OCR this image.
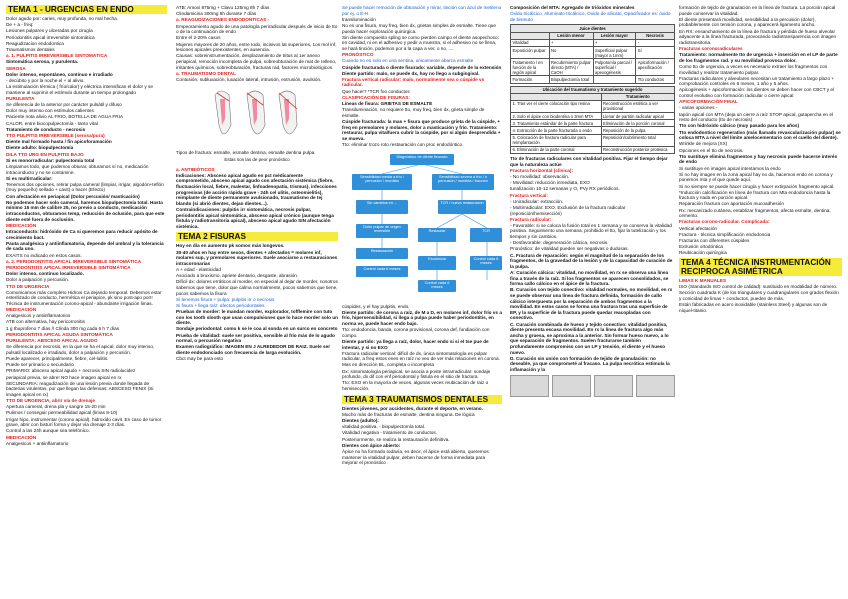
TEMA 1 - URGENCIAS EN ENDO

Dolor agudo por: caries, muy profunda, no mal hecha.

De + a - freq:

Lesiones pulpares y ulceradas por cirugía

Periodontitis apical irreversible sintomática

Reagudizacion endodontica

Traumatismos dentales

a. 1. PULPITIS IRREVERSIBLE SINTOMÁTICA

Sintomática serosa, y purulenta.

SEROSA

Dolor intenso, espontáneo, continuo e irradiado

- decúbito y por la noche el + al alivio.

La estimulación térmica ( frío/calor) y eléctrica intensifican el dolor y se mantiene al suprimir el estímulo durante un tiempo prolongado

PURULENTA

Se diferencia de la anterior por carácter pulsátil y difuso

Dolor muy intenso con estímulos calientes

Paciente nota alivio AL FRIO, BOTELLA DE AGUA FRIA

CALOR, entre biocopulpectomía - tanto vital

Tratamiento de conducto - necrosis

TTO PULPITIS IRREVERSIBLE (serosa/pura)

Diente mal formado hasta / fin apicoforamación

Diente adulto: biopulpectomía

DILA TTO URG EN PULPITIS BAJO

Si es monorradicular: pulpectomía total

Limpiamos todo, que podemos obturar, obturamos sí no, medicación intraconducto y no se contamine.

Si es multirradicular:

Tenemos dos opciones, retirar pulpa cameral (limpiar, irrigar, algodón+teflón (muy pequeño) sellado + cavit) o hacer (Efecto)

Con afectación en periapical (Dolor percusión/ masticación)

No podemos hacer solo cameral, haremos biopulpectomía total. Hasta mínimo 15 mm de calibre 25, no previo a conducto, medicación intraconductos, obturamos temp, reducción de oclusión, para que este diente esté fuera de occlusión.

MEDICACIÓN

Intraconducto: hidróxido de Ca si queremos para reducir apósito de crecimiento bact.

Pauta analgésica y antiinflamatoria, depende del umbral y la tolerancia de cada uno.

EXAITS no indicado en estos casos.

a. 2. PERIODONTITIS APICAL IRREVERSIBLE SINTOMÁTICA

PERIODONTITIS APICAL IRREVERSIBLE SINTOMÁTICA

Dolor intenso, continuo localizado.

Dolor a palpación y percusión.

TTO DE URGENCIA

Comunicamos más completo Hidroxi Ca dejando temporal. Debemos estar esterilizado de conducto, hermética el periapice, pk sino post-apo por!! Técnica de instrumentación corono-apical - abundante irrigación limas.

MEDICACIÓN

Analgesicos y antiinflamatorios

ATB con alternativa, hay pericorronitis

1 g Ibuprofeno 7 días // Clinda 300 mg cada 6 h 7 días

PERIODONTITIS APICAL AGUDA SINTOMÁTICA

PURULENTA: ABSCESO APICAL AGUDO

Se diferencia por necrosis, en la que se ha el apical, dolor muy intenso, pulsatil localizado e irradiado, dolor a palpación y percusión.

Puede aparecer, principalmente, fiebre, cel-lulitis.

Puede ser primario o secundario

PRIMARIO: absceso apical agudo + necrosis SIN radiolucidez

periapical previa, se abre! NO hace imagen apical en rx

SECUNDARIA: reagudización de una lesión previa donde llegada de bacterias virulentas, por que llegan las defensas: ABSCESO FENIX (Si imagen apical en rx)

TTO DE URGENCIA, abrir vía de drenaje

Apertura cameral, drena pla y sangre 15-20 min

Pulimos / conseguir permeabilidad apical (limas 8-10)

Irrigar hipo, instrumentar (corono apical), hidroxido cavit. En caso de tumor grave, abrir con bisturí forma y dejar vía drenaje 2-3 días.

Control a las 24h aunque sea telefónico.

MEDICACIÓN

Analgesicos + antiinflamatorio

ATB: Amoxi 875mg + Clavu 125mg 8h 7 días

Clindamicina 300mg 6h durante 7 días

a. REAGUDIZACIONES ENDODONTICAS -

Empeoramiento agudo de una patología periradicular después de inicio de tto o de la continuación de endo

Entre el 2-20% casos

Mujeres mayores de 20 años, entre todo, incisivos lat superiores, 1os mol inf, lesiones apicales preexistentes, en ausencia.

Causas: sobreinstrumentación, desplazamiento de tritus al 1er anexo periapical, remoción incompleta de pulpa, sobreobturación de mat de relleno, irritantes químicos, sobreobturación, fracturas rad, factores microbiológicos.

a. TRAUMATISMO DENTAL

Contusión, subluxación, luxación lateral, intrusión, extrusión, avulsión.

Tipos de fractura: esmalte, esmalte dentina, esmalte dentina pulpa.

Estas son las de peor pronóstico

a. ANTIBIÓTICOS

Indicaciones: Absceso apical agudo en pct médicamente comprometido, absceso apical agudo con afectación sistémica (fiebre, fluctuación local, fiebre, malestar, linfoadenopatía, trismus), infecciones progresivas (de acción rápida grave - 24h cel ulitis, osteomielitis), reimplante de diente permanente avulsionado, traumatismo de tej blando (si abrió dientes, dejan dientes...).

Contraindicaciones: pulpitis irr sintomática, necrosis pulpar, periodontitis apical sintomática, absceso apical crónico (aunque tenga fistula y radiotransitoria apical), absceso apical agudo SIN afectación sistémica.

TEMA 2 FISURAS

Hoy en día en aumento pk somos más longevos.

30-40 años en hay entre sexos, dientes + afectados = molares inf, molares sup, y premolares superiores. Suele asociarse a restauraciones intracoronarias

A + edad - elasticidad

Asociado a bruxismo, apriete dentario, desgaste, abrasión.

Difícil dx: dolores erráticos al morder, en especial al dejar de morder, nosotros sabemos que tiene, dolor que calma normalmente, pocos sabemos que tiene, pocos sabemos la fisura

Si tenemos fisura + pulpa: pulpitis irr o necrosis

Si fisura + llega raíz: afectos periodontales

Pruebas de morder: le mandan morder, explorador, tofflemire con tuto con los tooth slooth que usan compulsiones que lo hace morder solo un diente.

Sondaje periodontal: como k se le coa al sonda en un surco en concreto

Prueba de vitalidad: suele ser positiva, sensible al frío más de lo agudo normal, o percusión negativa

Examen radiográfico: IMAGEN EN J ALREDEDOR DE RAIZ. Suele ser diente endodonciado con frecuencia de larga evolución.

Cbct may be para esto

Se puede hacer remoción de obturación y mirar, tinción con azul de metileno por ej, o E-H.

transiluminación

No es una fisura, muy freq, bien dx, grietas simples de esmalte. Tiene que pueda hacer exploración quirúrgica.

Sin diente compuesto spling se como pierden campo el diente asopechoso: en cavidad, ni en el adhesivo y pedir a muestra, si el adhesivo no se llena, se hará tinción, podemos por a la capa a ver, o no, ....

PRONÓSTICO

Cuando no es solo en una sentina, unicamente abarca esmalte

Cúspide fracturada o diente fisurado: variable, depende de la extensión

Diente partido: malo, se puede dx, hay no llego a subgingival.

Fractura vertical radicular: malo, normalmente sea o cúspide vs radicular.

Que hacer? *TCR foo conductos

CLASIFICACIÓN DE FISURAS:

Líneas de fisura: GRIETAS DE ESMALTE

Transiluminación, no requiere tto, muy freq, bien dx, grieta simple de esmalte.

Cúspide fracturada: la mas + fisura que produce grieta de la cúspide, + freq en premolares y molares, dolor a masticación y frío. Tratamiento: restaurar, pulpa vitalfuera cubrir la cúspide, por si algún desprendida + se mueva.

Tto: eliminar trozo roto restauración con proc endodóntico.

Diagnóstico de diente fisurado
Sensibilidad media a frío / percusión / mordida
Sensibilidad severa a frío / o percusión / mordida / tracción
Sin cambios en ...
Dolor pulpar de origen reversible
Restauración
Control cada 6 meses
TCR / nueva restauración
Restaurar	TCR
Exodoncia	Control cada 6 meses
Control cada 6 meses

cúspides, y el hay pulpitis, endo.

Diente partido: de corona a raíz, de M a D, en molares inf, dolor frío vs a frío, hipersensibilidad, si llega a pulpa puede haber periodontitis, en norma ve, puede hacer endo bajo.

Tto: endodoncia, banda, corona provisional, corona def, fundiación con compo.

Diente partido: ya llega a raíz, dolor, hacer endo si si el tse pue de intentar, y si no EXO

Fractura radicular vertical: difícil de dx, única sintomatología es pulpar radicular, a freq estos enes en raíz no veo de ver más relaciones en corona.

Mas en dirección BL, completa o incompleta

Dx: sintomatología periapical, se asocia a poste intrarradicular: sondaje profundo, dx dif con enf periodontal y fistula en el sitio de fractura.

Tto: EXO en la mayoría de veces, algunas veces reubicación de raiz o hemisección.

TEMA 3 TRAUMATISMOS DENTALES

Dientes jóvenes, por accidentes, durante el deporte, en verano.

Mucho más de fracturas de esmalte, dentina ninguna. De lógica

Dientes (adulto):

vitalidad positiva. - biopulpectomía total.

Vitalidad negativa - tratamiento de conductos.

Posteriormente, se realiza la restauración definitiva.

Dientes con ápice abierto:

Ápice no ha formado todavía, es decir, el ápice está abierto, queremos mantener la vitalidad pulpar, deben hacerse de forma inmediata para mejorar el pronóstico

Composición del MTA: Agregado de trióxidos minerales

Óxido tricálcico, Aluminato tricálcico, Óxido de silicato, Opacificador es: óxido de bismuto

Juice dientes			
	Lesión menor	Lesión mayor	Necrosis
Vitalidad	+	+	-
Exposición pulpar	No	Superficial pulpar (mayor a 1mm)	Sí
Tratamiento / en función de la región apical	Recubrimiento pulpar directo (MTA) / CaOH	Pulpotomía parcial / superficial / apexogénesis	Apicoformación / apexificación
Formación	Biopulpectomía total		Tto conductos
Ubicación del traumatismo y tratamiento sugerido	
	Tratamiento
1. Tras ver el cierre colocación tipo resina	Reconstrucción estética a ver provisional
2. Solo el ápice con biodentina o 3mm MTA	Llenar de partión radicular apical
3. Tratamiento estándar de la parte fractura	Eliminación de la porción coronal
4. Extracción de la parte fracturada o endo	Reposición de la pulpa
5. Colocación de fractura radicular para reimplantación	Reposición/cubrimiento total
6. Eliminación de la parte coronal	Reconstrucción posterior protésica

Tto de fracturas radiculares con vitalidad positiva. Fijar el tiempo dejar que la naturaleza actúe

Fractura horizontal (clinica):

- No movilidad: observación.

- Movilidad: reducción inmediata, EXO

tunalización 10-12 semanas y O, PVy RX periódicos.

Fractura vertical:

- Uniradicular: extracción.

- Multirradicular: EXO. Exclusión de la fractura radicular (reposición/hemisección)

Fractura radicular:

- Favorable: si se coloca la fusión total en 1 semana y se conserva la vitalidad positiva. Seguimiento una semana, prohibido el tto, fijar la tutelización y los tiempos y sin cambios.

- Desfavorable: degeneración cálcica, necrosis.

Pronóstico: de vitalidad pueden ser negativas o dudosas.

C. Fractura de reparación: según el magnitud de la separación de los fragmentos, de la gravedad de la lesión y de la capacidad de curación de la pulpa.

A: Curación cálcica: vitalidad, no movilidad, en rx se observa una línea fina a través de la raíz. Si los fragmentos se aparecen consolidados, se forma callo cálcico en el ápice de la fractura.

B. Curación con tejido conectivo: vitalidad normales, no movilidad, en rx se puede observar una línea de fractura definida, formación de callo cálcico interpuesta por la separación de ambos fragmentos a la movilidad. En estos casos se forma una fractura tras una superficie de EP, y la superficie de la fractura puede quedar reacopladas con conectivo.

C. Curación combinada de hueso y tejido conectivo: vitalidad positiva, diente presenta escasa movilidad. En rx la línea de fractura algo más ancha y gruesa, se aproxima a la anterior. Sin formar hueso nuevo, a lo que separación de fragmentos. Suelen fracturarse también profundamente compromiso con un LP y tensión, el diente y el hueso nuevo.

D. Curación sin unión con formación de tejido de granulación: no deseable, ya que comprometé al fracaso. La pulpa necrótica estimula la inflamación y la

formación de tejido de granulación en la línea de fractura. La porción apical puede conservar la vitalidad.

El diente presentará movilidad, sensibilidad a la percusión (dolor), probablemente con tensión corona, y aparecerá ligamento ancho.

En RX: ensanchamiento de la línea de fractura y pérdida de hueso alveolar adyacente a la línea fracturada, provocando radiotransparencia con imagen radiotransitoria.

Fracturas coronoradiculares

Tratamiento: normalmente tto de urgencia + inserción en el LP de parte de los fragmentos rad. y su movilidad provoca dolor.

Como tto de urgencia, a veces es necesario extraer los fragmentos con movilidad y realizar tratamiento pulpar.

Fracturas radiculares y alveolares necesitan un tratamiento a largo plazo + comprobación controles en 6 meses, 1 año y 5 años.

Apicogénesis + apicoformación: los dientes se deben hacer con CBCT y el control evolutivo con formación radicular o cierre apical

APICOFORMACIÓN FINAL

- varias opciones -

tapón apical con MTA (deja un cierre a raíz STOP apical, gutapercha en el resto del conducto (tto de necrosis)

Tto con hidróxido cálcico (muy pasado para los años)

Tto endodontico regenerativo (más llamado revascularización pulpar) se coloca MTA a nivel del límite amelocementario con el cuello del diente).

Wrinkle de mejora (XX)

Opciones en el tto de necrosis.

Tto sustituye elimina fragmentos y hay necrosis puede hacerse interés de endo

Si sustituye en imagen apical intentamos la endo

Si no hay imagen en la zona apical hay no da, hacemos endo en corona y ponemos mta y el que quede aquí.

Si no siempre se puede hacer cirugía y hacer extirpación fragmento apical.

*Inducción calcificación en línea de fractura con Mta endodoncia hasta la fractura y nada en porción apical.

Reparación fractura con aportación mucoadhesión

Rx: mecanizado cutánea, entablizar fragmentos, afecta esmalte, dentina, cemento.

Fracturas corono-radicular. Complicada:

Vertical afectación

Fractura - técnica simplificación endodoncia

Fracturas con diferentes cúspides

Extrusión ortodóntica

Reubicación quirúrgica

TEMA 4 TÉCNICA INSTRUMENTACIÓN RECIPROCA ASIMÉTRICA

LIMAS K MANUALES

ISO (Standards ISO control de calidad): sustituido en modalidad de número.

Sección cuadrada K (de los triangulares y cuadrangulares con grados flexión y conicidad de limas + conductos, pueden de más.

Están fabricadas en acero inoxidable (stainless Steel) y algunas son de níquel-titanio.
